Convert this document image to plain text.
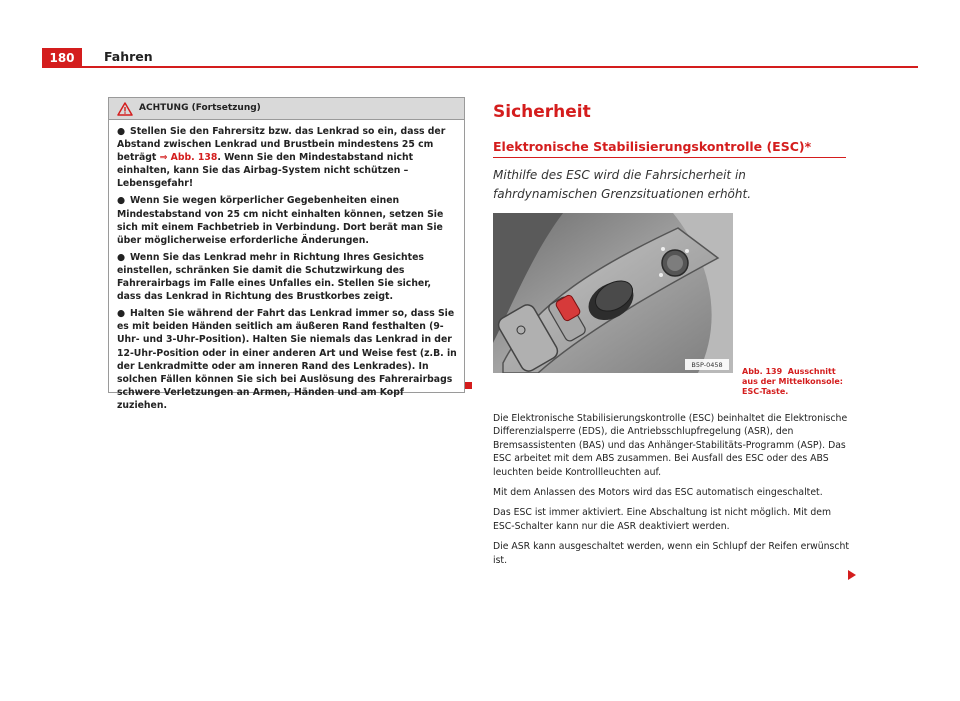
180	Fahren
ACHTUNG (Fortsetzung)
● Stellen Sie den Fahrersitz bzw. das Lenkrad so ein, dass der Abstand zwischen Lenkrad und Brustbein mindestens 25 cm beträgt ⇒ Abb. 138. Wenn Sie den Mindestabstand nicht einhalten, kann Sie das Airbag-System nicht schützen – Lebensgefahr!
● Wenn Sie wegen körperlicher Gegebenheiten einen Mindestabstand von 25 cm nicht einhalten können, setzen Sie sich mit einem Fachbetrieb in Verbindung. Dort berät man Sie über möglicherweise erforderliche Änderungen.
● Wenn Sie das Lenkrad mehr in Richtung Ihres Gesichtes einstellen, schränken Sie damit die Schutzwirkung des Fahrerairbags im Falle eines Unfalles ein. Stellen Sie sicher, dass das Lenkrad in Richtung des Brustkorbes zeigt.
● Halten Sie während der Fahrt das Lenkrad immer so, dass Sie es mit beiden Händen seitlich am äußeren Rand festhalten (9-Uhr- und 3-Uhr-Position). Halten Sie niemals das Lenkrad in der 12-Uhr-Position oder in einer anderen Art und Weise fest (z.B. in der Lenkradmitte oder am inneren Rand des Lenkrades). In solchen Fällen können Sie sich bei Auslösung des Fahrerairbags schwere Verletzungen an Armen, Händen und am Kopf zuziehen.
Sicherheit
Elektronische Stabilisierungskontrolle (ESC)*
Mithilfe des ESC wird die Fahrsicherheit in fahrdynamischen Grenzsituationen erhöht.
B5P-0458
Abb. 139 Ausschnitt aus der Mittelkonsole: ESC-Taste.

Die Elektronische Stabilisierungskontrolle (ESC) beinhaltet die Elektronische Differenzialsperre (EDS), die Antriebsschlupfregelung (ASR), den Bremsassistenten (BAS) und das Anhänger-Stabilitäts-Programm (ASP). Das ESC arbeitet mit dem ABS zusammen. Bei Ausfall des ESC oder des ABS leuchten beide Kontrollleuchten auf.

Mit dem Anlassen des Motors wird das ESC automatisch eingeschaltet.

Das ESC ist immer aktiviert. Eine Abschaltung ist nicht möglich. Mit dem ESC-Schalter kann nur die ASR deaktiviert werden.

Die ASR kann ausgeschaltet werden, wenn ein Schlupf der Reifen erwünscht ist.
